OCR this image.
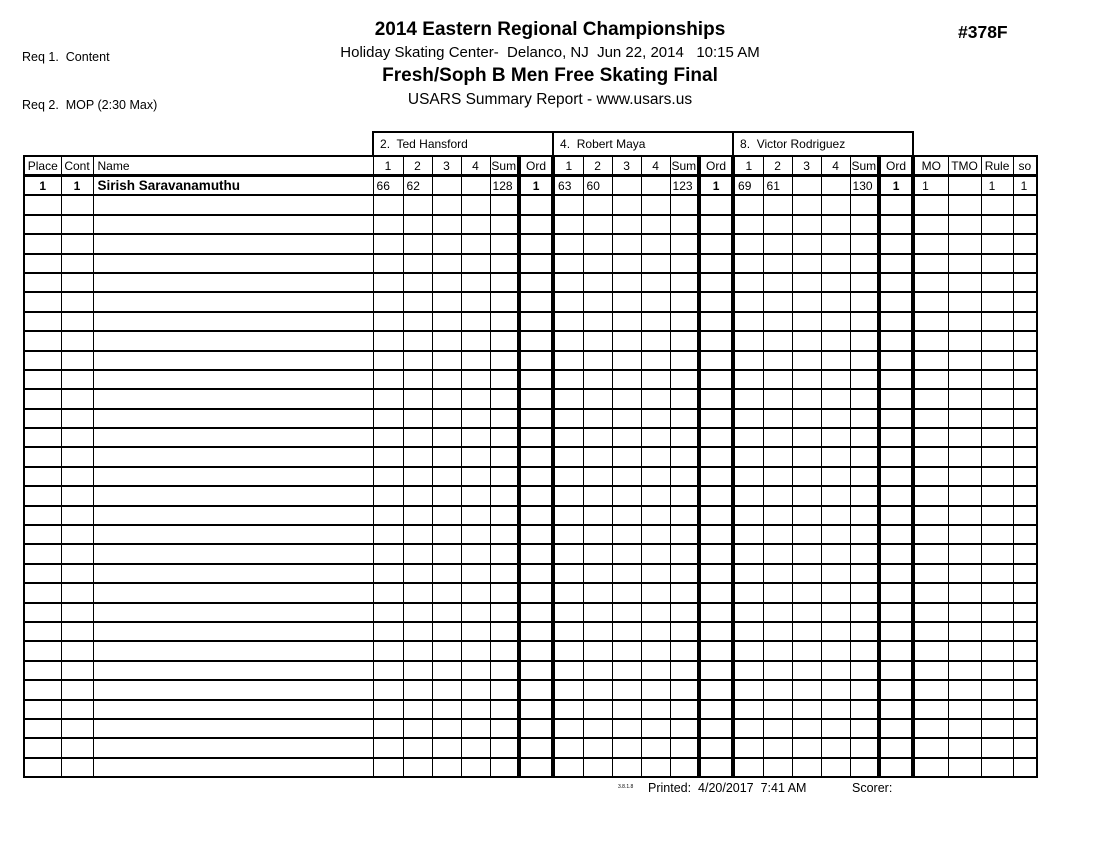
Req 1.  Content

Req 2.  MOP (2:30 Max)

2014 Eastern Regional Championships
Holiday Skating Center-  Delanco, NJ  Jun 22, 2014   10:15 AM
Fresh/Soph B Men Free Skating Final
USARS Summary Report - www.usars.us
#378F
			2.  Ted Hansford						4.  Robert Maya						8.  Victor Rodriguez									
Place	Cont	Name	1	2	3	4	Sum	Ord	1	2	3	4	Sum	Ord	1	2	3	4	Sum	Ord	MO	TMO	Rule	so
1	1	Sirish Saravanamuthu	66	62			128	1	63	60			123	1	69	61			130	1	1		1	1

3.8.1.8 Printed:  4/20/2017  7:41 AM	Scorer:
